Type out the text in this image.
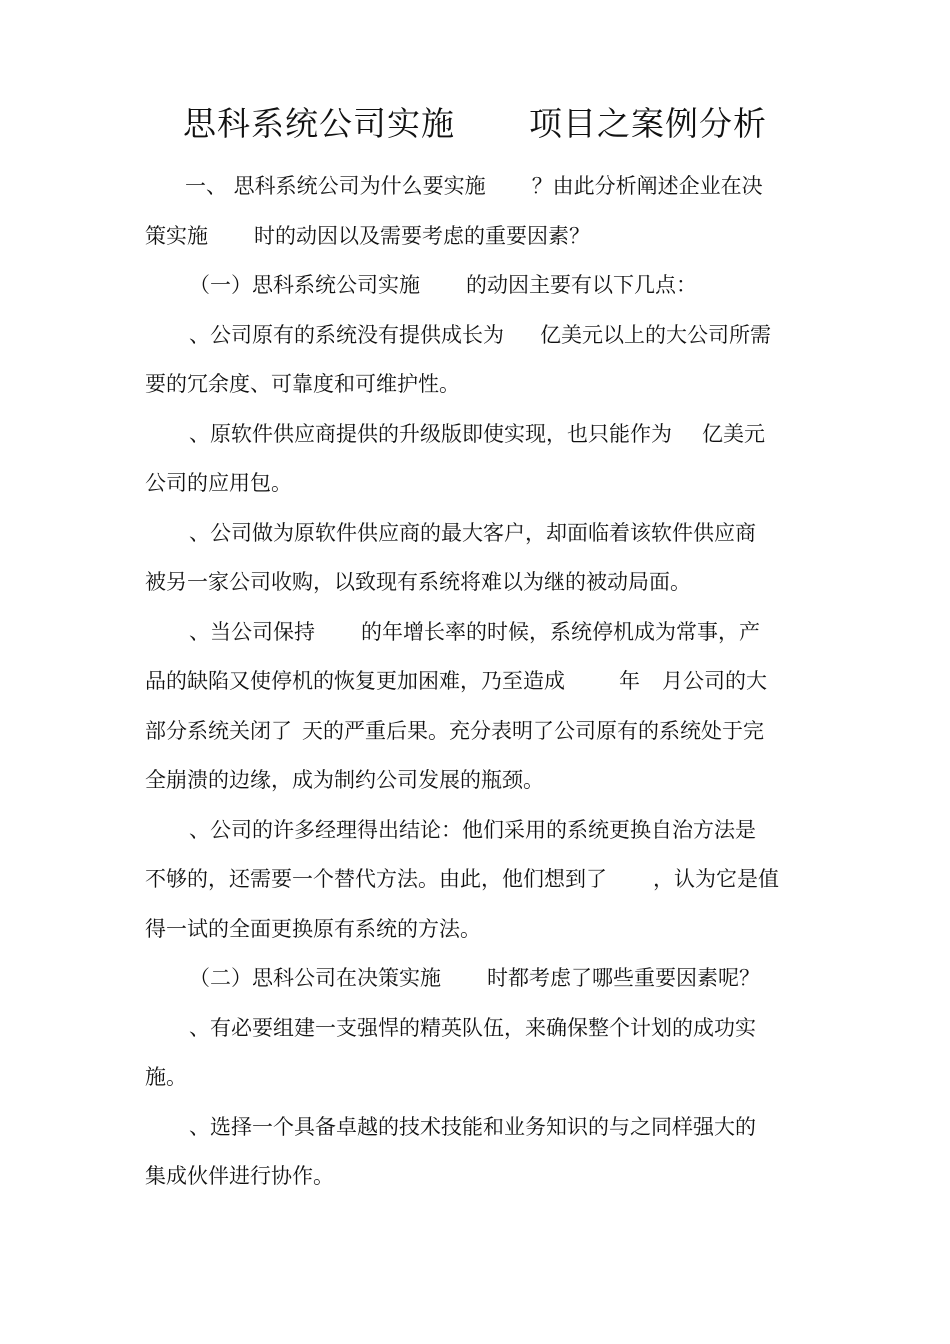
思科系统公司实施 项目之案例分析
一、 思科系统公司为什么要实施 ？由此分析阐述企业在决
策实施 时的动因以及需要考虑的重要因素？
（一）思科系统公司实施 的动因主要有以下几点：
、公司原有的系统没有提供成长为 亿美元以上的大公司所需
要的冗余度、可靠度和可维护性。
、原软件供应商提供的升级版即使实现，也只能作为 亿美元
公司的应用包。
、公司做为原软件供应商的最大客户，却面临着该软件供应商
被另一家公司收购，以致现有系统将难以为继的被动局面。
、当公司保持 的年增长率的时候，系统停机成为常事，产
品的缺陷又使停机的恢复更加困难，乃至造成	年 月公司的大
部分系统关闭了 天的严重后果。充分表明了公司原有的系统处于完
全崩溃的边缘，成为制约公司发展的瓶颈。
、公司的许多经理得出结论：他们采用的系统更换自治方法是
不够的，还需要一个替代方法。由此，他们想到了 ，认为它是值
得一试的全面更换原有系统的方法。
（二）思科公司在决策实施 时都考虑了哪些重要因素呢？
、有必要组建一支强悍的精英队伍，来确保整个计划的成功实
施。
、选择一个具备卓越的技术技能和业务知识的与之同样强大的
集成伙伴进行协作。
